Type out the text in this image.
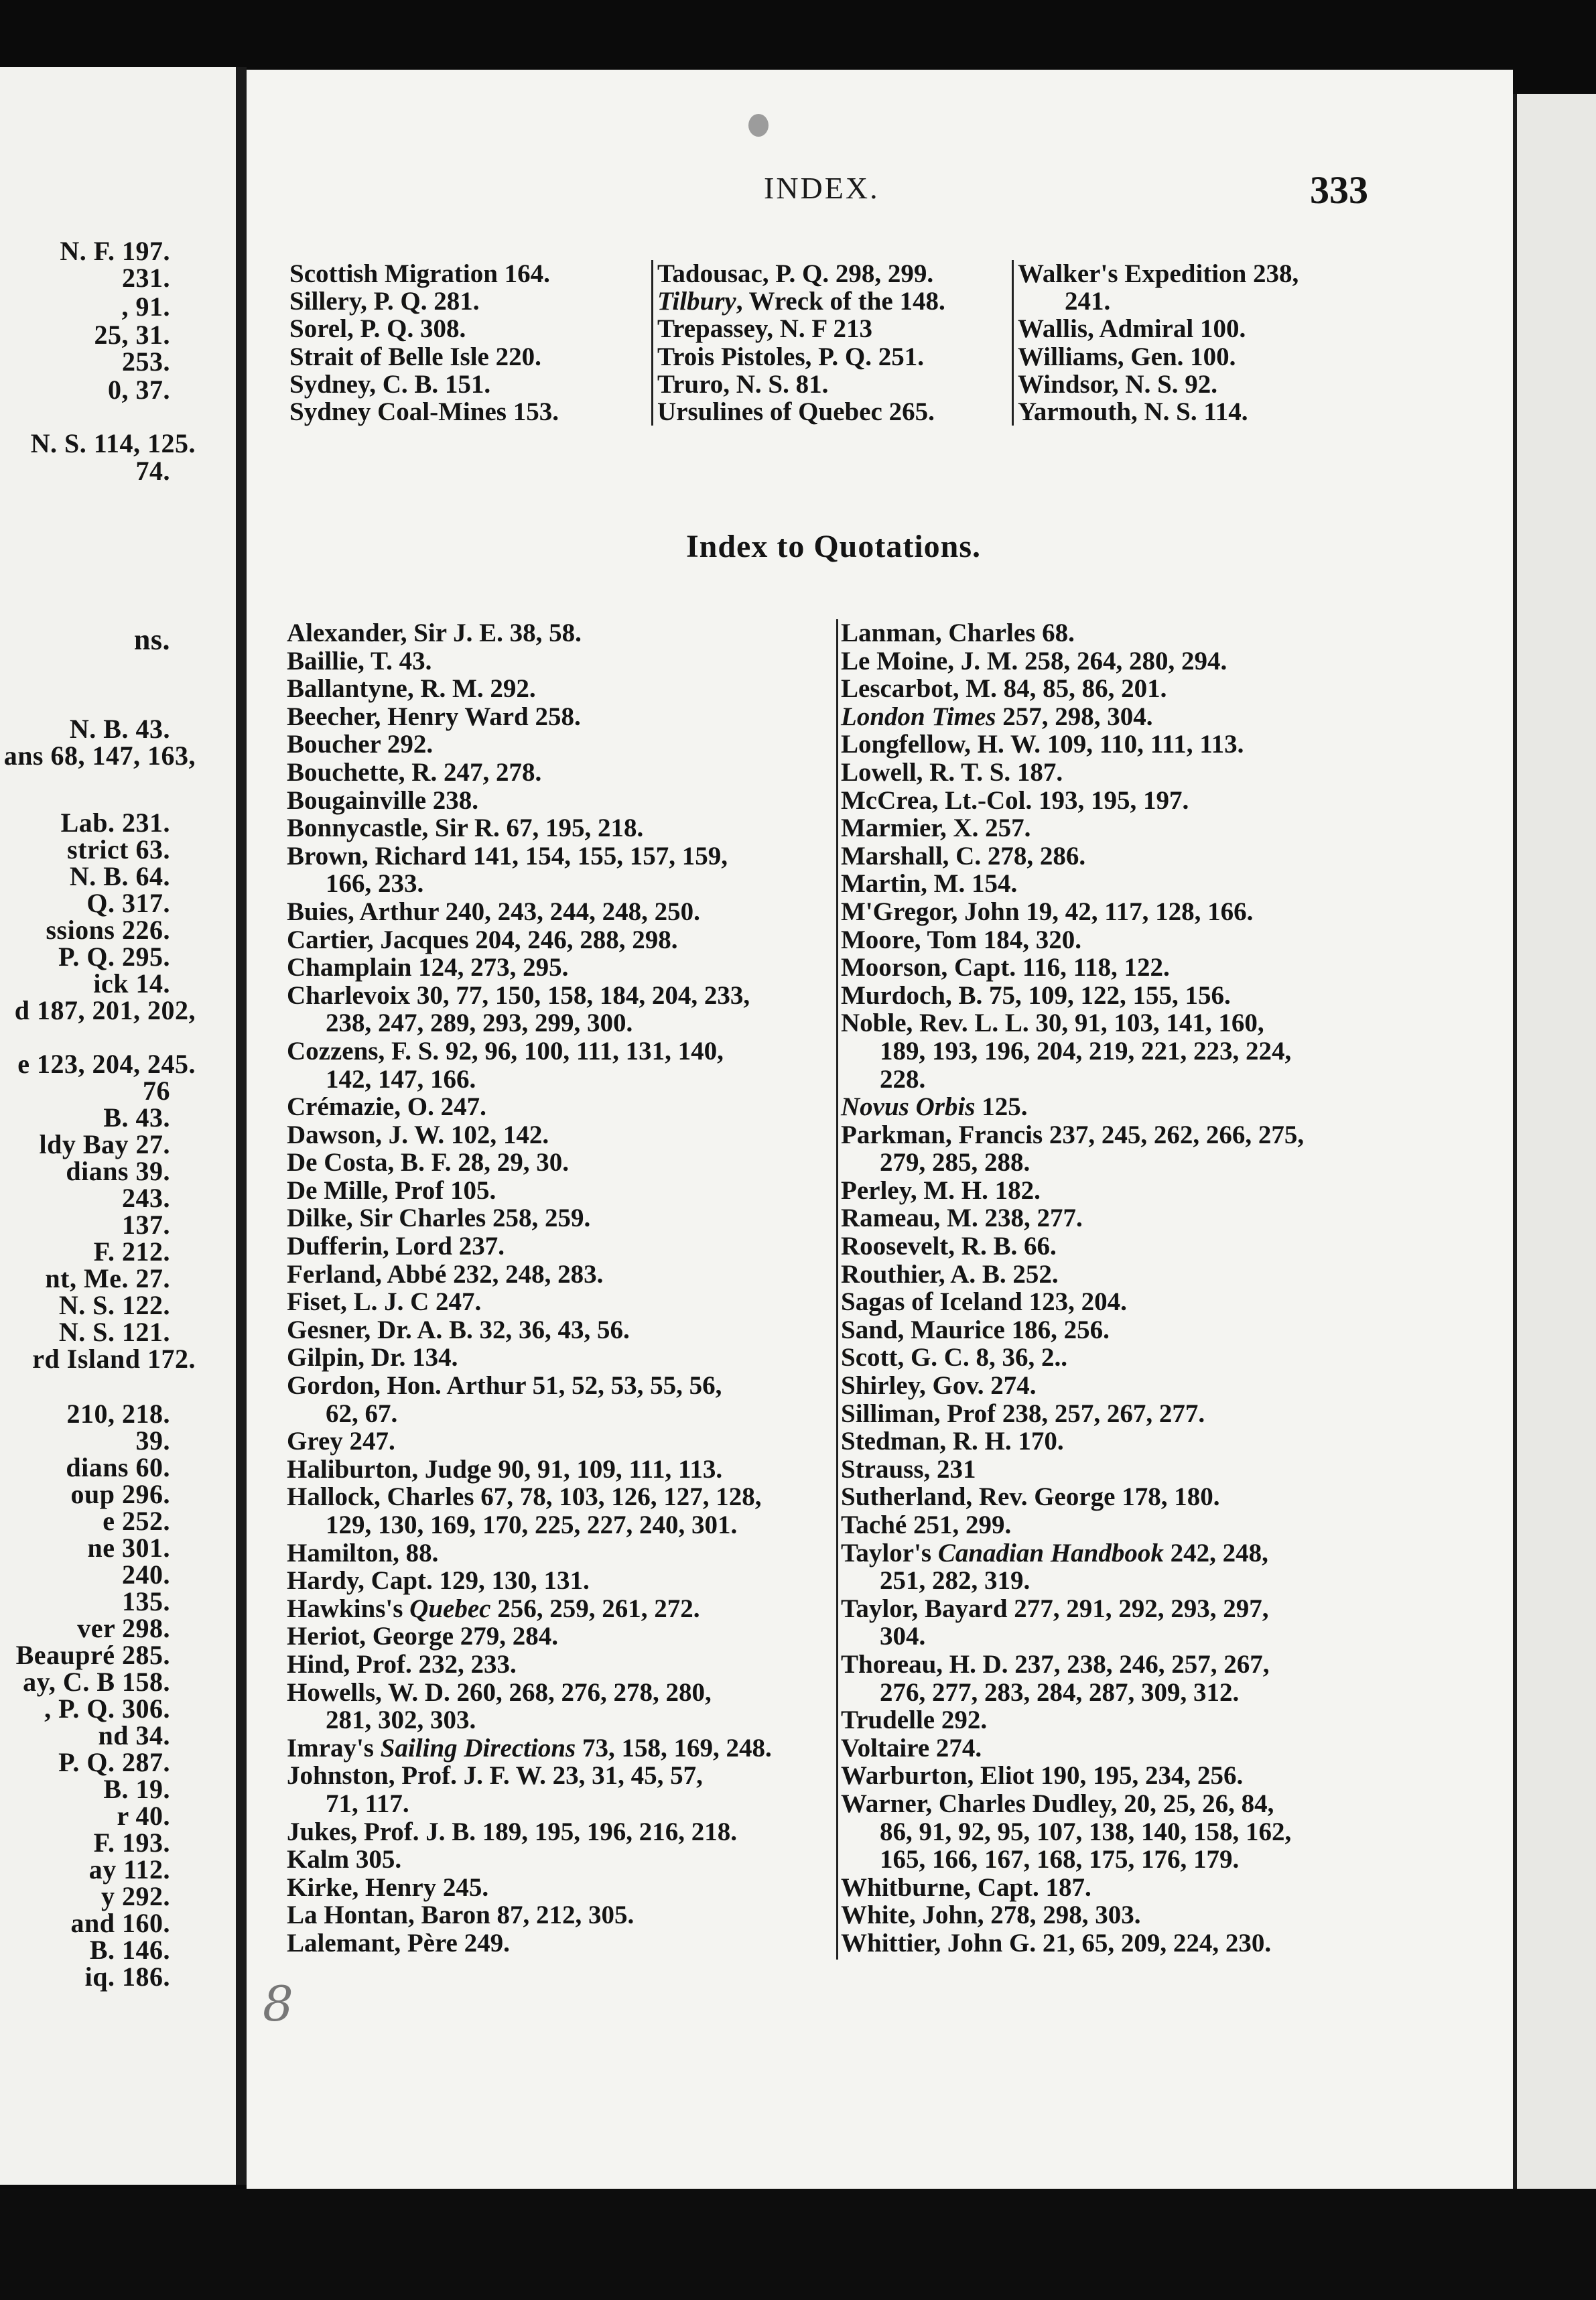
N. F. 197.
231.
, 91.
25, 31.
253.
0, 37.
N. S. 114, 125.
74.
ns.
N. B. 43.
ans 68, 147, 163,
Lab. 231.
strict 63.
N. B. 64.
Q. 317.
ssions 226.
P. Q. 295.
ick 14.
d 187, 201, 202,
e 123, 204, 245.
76
B. 43.
ldy Bay 27.
dians 39.
243.
137.
F. 212.
nt, Me. 27.
N. S. 122.
N. S. 121.
rd Island 172.
210, 218.
39.
dians 60.
oup 296.
e 252.
ne 301.
240.
135.
ver 298.
Beaupré 285.
ay, C. B 158.
, P. Q. 306.
nd 34.
P. Q. 287.
B. 19.
r 40.
F. 193.
ay 112.
y 292.
and 160.
B. 146.
iq. 186.
INDEX.	333
Scottish Migration 164.
Sillery, P. Q. 281.
Sorel, P. Q. 308.
Strait of Belle Isle 220.
Sydney, C. B. 151.
Sydney Coal-Mines 153.
Tadousac, P. Q. 298, 299.
Tilbury, Wreck of the 148.
Trepassey, N. F 213
Trois Pistoles, P. Q. 251.
Truro, N. S. 81.
Ursulines of Quebec 265.
Walker's Expedition 238,
241.
Wallis, Admiral 100.
Williams, Gen. 100.
Windsor, N. S. 92.
Yarmouth, N. S. 114.
Index to Quotations.
Alexander, Sir J. E. 38, 58.
Baillie, T. 43.
Ballantyne, R. M. 292.
Beecher, Henry Ward 258.
Boucher 292.
Bouchette, R. 247, 278.
Bougainville 238.
Bonnycastle, Sir R. 67, 195, 218.
Brown, Richard 141, 154, 155, 157, 159,
166, 233.
Buies, Arthur 240, 243, 244, 248, 250.
Cartier, Jacques 204, 246, 288, 298.
Champlain 124, 273, 295.
Charlevoix 30, 77, 150, 158, 184, 204, 233,
238, 247, 289, 293, 299, 300.
Cozzens, F. S. 92, 96, 100, 111, 131, 140,
142, 147, 166.
Crémazie, O. 247.
Dawson, J. W. 102, 142.
De Costa, B. F. 28, 29, 30.
De Mille, Prof 105.
Dilke, Sir Charles 258, 259.
Dufferin, Lord 237.
Ferland, Abbé 232, 248, 283.
Fiset, L. J. C 247.
Gesner, Dr. A. B. 32, 36, 43, 56.
Gilpin, Dr. 134.
Gordon, Hon. Arthur 51, 52, 53, 55, 56,
62, 67.
Grey 247.
Haliburton, Judge 90, 91, 109, 111, 113.
Hallock, Charles 67, 78, 103, 126, 127, 128,
129, 130, 169, 170, 225, 227, 240, 301.
Hamilton, 88.
Hardy, Capt. 129, 130, 131.
Hawkins's Quebec 256, 259, 261, 272.
Heriot, George 279, 284.
Hind, Prof. 232, 233.
Howells, W. D. 260, 268, 276, 278, 280,
281, 302, 303.
Imray's Sailing Directions 73, 158, 169, 248.
Johnston, Prof. J. F. W. 23, 31, 45, 57,
71, 117.
Jukes, Prof. J. B. 189, 195, 196, 216, 218.
Kalm 305.
Kirke, Henry 245.
La Hontan, Baron 87, 212, 305.
Lalemant, Père 249.
Lanman, Charles 68.
Le Moine, J. M. 258, 264, 280, 294.
Lescarbot, M. 84, 85, 86, 201.
London Times 257, 298, 304.
Longfellow, H. W. 109, 110, 111, 113.
Lowell, R. T. S. 187.
McCrea, Lt.-Col. 193, 195, 197.
Marmier, X. 257.
Marshall, C. 278, 286.
Martin, M. 154.
M'Gregor, John 19, 42, 117, 128, 166.
Moore, Tom 184, 320.
Moorson, Capt. 116, 118, 122.
Murdoch, B. 75, 109, 122, 155, 156.
Noble, Rev. L. L. 30, 91, 103, 141, 160,
189, 193, 196, 204, 219, 221, 223, 224,
228.
Novus Orbis 125.
Parkman, Francis 237, 245, 262, 266, 275,
279, 285, 288.
Perley, M. H. 182.
Rameau, M. 238, 277.
Roosevelt, R. B. 66.
Routhier, A. B. 252.
Sagas of Iceland 123, 204.
Sand, Maurice 186, 256.
Scott, G. C. 8, 36, 2..
Shirley, Gov. 274.
Silliman, Prof 238, 257, 267, 277.
Stedman, R. H. 170.
Strauss, 231
Sutherland, Rev. George 178, 180.
Taché 251, 299.
Taylor's Canadian Handbook 242, 248,
251, 282, 319.
Taylor, Bayard 277, 291, 292, 293, 297,
304.
Thoreau, H. D. 237, 238, 246, 257, 267,
276, 277, 283, 284, 287, 309, 312.
Trudelle 292.
Voltaire 274.
Warburton, Eliot 190, 195, 234, 256.
Warner, Charles Dudley, 20, 25, 26, 84,
86, 91, 92, 95, 107, 138, 140, 158, 162,
165, 166, 167, 168, 175, 176, 179.
Whitburne, Capt. 187.
White, John, 278, 298, 303.
Whittier, John G. 21, 65, 209, 224, 230.
8
